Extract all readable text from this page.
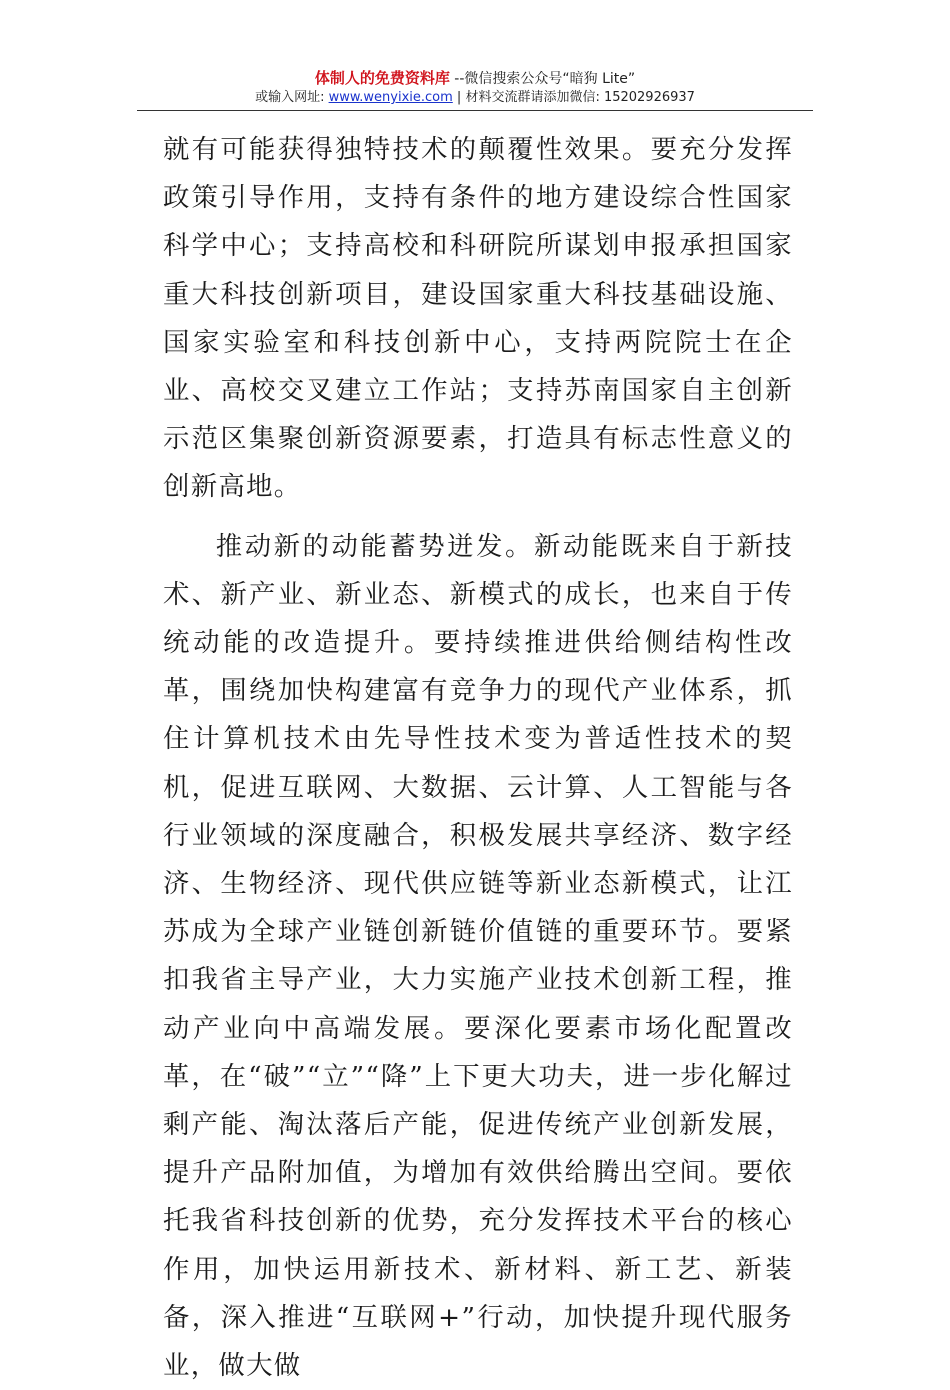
体制人的免费资料库 --微信搜索公众号“暗狗 Lite”
或输入网址: www.wenyixie.com | 材料交流群请添加微信: 15202926937

就有可能获得独特技术的颠覆性效果。要充分发挥政策引导作用，支持有条件的地方建设综合性国家科学中心；支持高校和科研院所谋划申报承担国家重大科技创新项目，建设国家重大科技基础设施、国家实验室和科技创新中心，支持两院院士在企业、高校交叉建立工作站；支持苏南国家自主创新示范区集聚创新资源要素，打造具有标志性意义的创新高地。

推动新的动能蓄势迸发。新动能既来自于新技术、新产业、新业态、新模式的成长，也来自于传统动能的改造提升。要持续推进供给侧结构性改革，围绕加快构建富有竞争力的现代产业体系，抓住计算机技术由先导性技术变为普适性技术的契机，促进互联网、大数据、云计算、人工智能与各行业领域的深度融合，积极发展共享经济、数字经济、生物经济、现代供应链等新业态新模式，让江苏成为全球产业链创新链价值链的重要环节。要紧扣我省主导产业，大力实施产业技术创新工程，推动产业向中高端发展。要深化要素市场化配置改革，在“破”“立”“降”上下更大功夫，进一步化解过剩产能、淘汰落后产能，促进传统产业创新发展，提升产品附加值，为增加有效供给腾出空间。要依托我省科技创新的优势，充分发挥技术平台的核心作用，加快运用新技术、新材料、新工艺、新装备，深入推进“互联网+”行动，加快提升现代服务业，做大做
